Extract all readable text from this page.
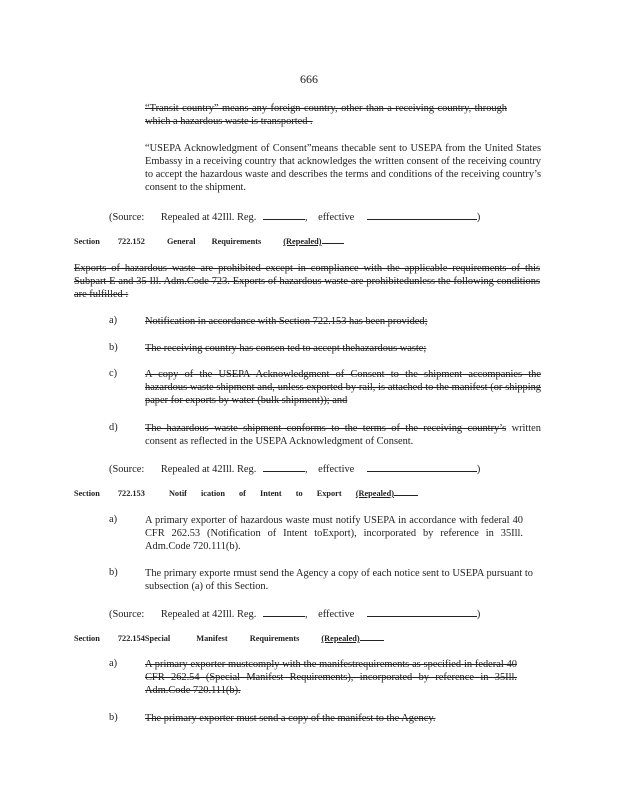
666
“Transit country” means any foreign country, other than a receiving country, through which a hazardous waste is transported .
“USEPA Acknowledgment of Consent”means thecable sent to USEPA from the United States Embassy in a receiving country that acknowledges the written consent of the receiving country to accept the hazardous waste and describes the terms and conditions of the receiving country’s consent to the shipment.
(Source: Repealed at 42Ill. Reg.	, effective	)
Section 722.152	General Requirements	(Repealed)
Exports of hazardous waste are prohibited except in compliance with the applicable requirements of this Subpart E and 35 Ill. Adm.Code 723. Exports of hazardous waste are prohibitedunless the following conditions are fulfilled :
a)	Notification in accordance with Section 722.153 has been provided;
b)	The receiving country has consen ted to accept thehazardous waste;
c)	A copy of the USEPA Acknowledgment of Consent to the shipment accompanies the hazardous waste shipment and, unless exported by rail, is attached to the manifest (or shipping paper for exports by water (bulk shipment)); and
d)	The hazardous waste shipment conforms to the terms of the receiving country’s written consent as reflected in the USEPA Acknowledgment of Consent.
(Source: Repealed at 42Ill. Reg.	, effective	)
Section 722.153	Notif ication of Intent to Export (Repealed)
a)	A primary exporter of hazardous waste must notify USEPA in accordance with federal 40 CFR 262.53 (Notification of Intent toExport), incorporated by reference in 35Ill. Adm.Code 720.111(b).
b)	The primary exporte rmust send the Agency a copy of each notice sent to USEPA pursuant to subsection (a) of this Section.
(Source: Repealed at 42Ill. Reg.	, effective	)
Section 722.154Special	Manifest Requirements	(Repealed)
a)	A primary exporter mustcomply with the manifestrequirements as specified in federal 40 CFR 262.54 (Special Manifest Requirements), incorporated by reference in 35Ill. Adm.Code 720.111(b).
b)	The primary exporter must send a copy of the manifest to the Agency.
